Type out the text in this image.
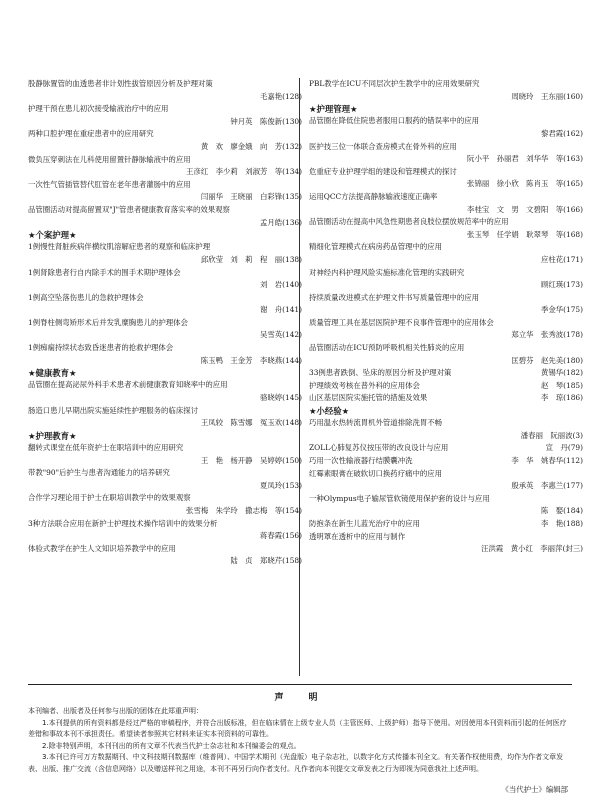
股静脉置管的血透患者非计划性拔管原因分析及护理对策
毛嘉艳(128)
护理干预在患儿初次接受输液治疗中的应用
钟月英　陈俊新(130)
两种口腔护理在重症患者中的应用研究
黄　欢　廖金娥　向　芳(132)
微负压穿刺法在儿科使用留置针静脉输液中的应用
王彦红　李少莉　刘淑芳　等(134)
一次性气管插管替代肛管在老年患者灌肠中的应用
闫丽华　王晓丽　白彩锋(135)
品管圈活动对提高留置双"J"管患者健康教育落实率的效果观察
孟月皓(136)
★个案护理★
1例慢性肾脏疾病伴横纹肌溶解症患者的观察和临床护理
邱欣莹　刘　莉　程　丽(138)
1例肾除患者行自内除手术的围手术期护理体会
刘　岩(140)
1例高空坠落伤患儿的急救护理体会
谢　舟(141)
1例脊柱侧弯矫形术后并发乳糜胸患儿的护理体会
吴雪英(142)
1例痴痫持续状态致昏迷患者的抢救护理体会
陈玉鸭　王金芳　李晓燕(144)
★健康教育★
品管圈在提高泌尿外科手术患者术前健康教育知晓率中的应用
骆晓婷(145)
肠造口患儿早期出院实施延续性护理服务的临床探讨
王凤较　陈雪娜　冤玉欢(148)
★护理教育★
翻转式课堂在低年资护士在职培训中的应用研究
王　艳　杨开静　吴婷婷(150)
带教"90"后护生与患者沟通能力的培养研究
夏凤玲(153)
合作学习理论用于护士在职培训教学中的效果观察
张雪梅　朱学玲　撒志梅　等(154)
3种方法联合应用在新护士护理技术操作培训中的效果分析
蒋春霞(156)
体验式教学在护生人文知识培养教学中的应用
陆　贞　郑晓芹(158)
PBL教学在ICU不同层次护生教学中的应用效果研究
周晓玲　王东丽(160)
★护理管理★
品管圈在降低住院患者服用口服药的错误率中的应用
黎君霞(162)
医护技三位一体联合查房模式在骨外科的应用
阮小平　孙丽君　刘华华　等(163)
危重症专业护理学组的建设和管理模式的探讨
张锦丽　徐小欣　陈肖玉　等(165)
运用QCC方法提高静脉输液速度正确率
李桂宝　文　男　文碧阳　等(166)
品管圈活动在提高中风急性期患者良肢位摆放规范率中的应用
张玉琴　任学娟　耿翠琴　等(168)
精细化管理模式在病房药品管理中的应用
应柱花(171)
对神经内科护理风险实施标准化管理的实践研究
顾红瑛(173)
持续质量改进模式在护理文件书写质量管理中的应用
季金华(175)
质量管理工具在基层医院护理不良事件管理中的应用体会
郑立华　张秀波(178)
品管圈活动在ICU预防呼吸机相关性肺炎的应用
匡碧芬　赵先美(180)
33例患者跌倒、坠床的原因分析及护理对策	黄锡华(182)
护理绩效考核在普外科的应用体会	赵　琴(185)
山区基层医院实施托管的措施及效果	李　琼(186)
★小经验★
巧用温水热转流胃机外管道排除洗胃不畅
潘春丽　阮丽波(3)
ZOLL心肺复苏仪按压带的改良设计与应用	宣　丹(79)
巧用一次性输液器行结膜囊冲洗	李　华　姚春华(112)
红霉素眼膏在破软切口换药疗痛中的应用
殷承英　李惠兰(177)
一种Olympus电子输尿管软镜使用保护套的设计与应用
陈　娶(184)
防抱条在新生儿蓝光治疗中的应用	李　艳(188)
透明罩在透析中的应用与制作
汪洪霞　黄小红　李丽萍(封三)
声　明

本刊编者、出版者及任何参与出版的团体在此郑重声明：

1.本刊提供的所有资料都是经过严格的审稿程序，并符合出版标准，但在临床情在上级专业人员（主管医师、上级护师）指导下使用。对因使用本刊资料而引起的任何医疗差错和事故本刊不承担责任。希望读者参照其它材料来证实本刊资料的可靠性。

2.除非特别声明，本刊刊出的所有文章不代表当代护士杂志社和本刊编委会的观点。

3.本刊已许可万方数据期刊、中文科技期刊数据库（维普网）、中国学术期刊（光盘版）电子杂志社，以数字化方式传播本刊全文。有关著作权使用费，均作为作者文章发表、出版、推广交流（含信息网络）以及赠送样刊之用途，本刊不再另行向作者支付。凡作者向本刊提交文章发表之行为即视为同意我社上述声明。

《当代护士》编辑部
